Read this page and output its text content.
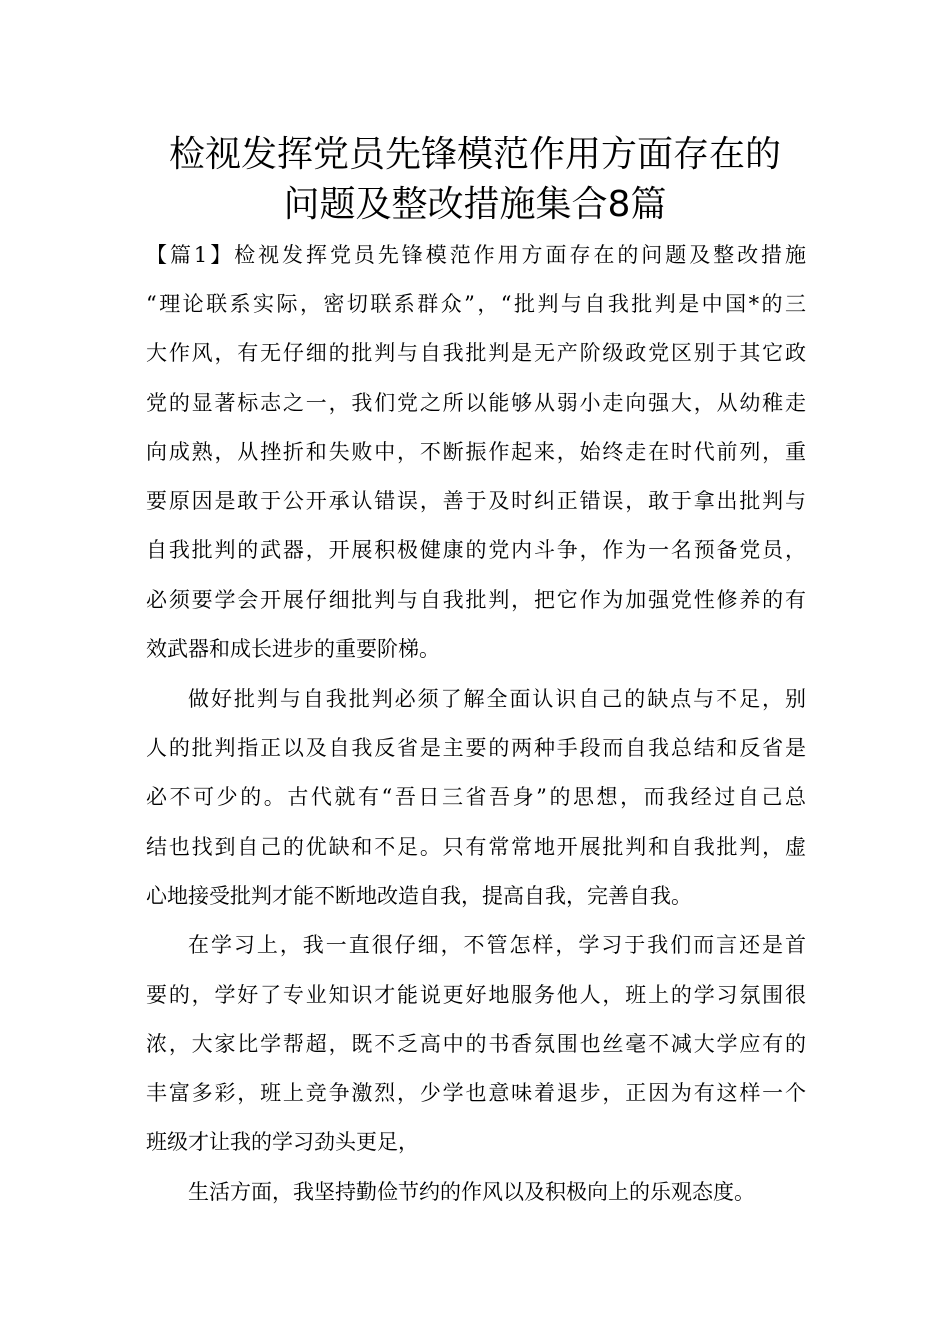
检视发挥党员先锋模范作用方面存在的
问题及整改措施集合8篇
【篇1】检视发挥党员先锋模范作用方面存在的问题及整改措施
“理论联系实际，密切联系群众”，“批判与自我批判是中国*的三
大作风，有无仔细的批判与自我批判是无产阶级政党区别于其它政
党的显著标志之一，我们党之所以能够从弱小走向强大，从幼稚走
向成熟，从挫折和失败中，不断振作起来，始终走在时代前列，重
要原因是敢于公开承认错误，善于及时纠正错误，敢于拿出批判与
自我批判的武器，开展积极健康的党内斗争，作为一名预备党员，
必须要学会开展仔细批判与自我批判，把它作为加强党性修养的有
效武器和成长进步的重要阶梯。
做好批判与自我批判必须了解全面认识自己的缺点与不足，别
人的批判指正以及自我反省是主要的两种手段而自我总结和反省是
必不可少的。古代就有“吾日三省吾身”的思想，而我经过自己总
结也找到自己的优缺和不足。只有常常地开展批判和自我批判，虚
心地接受批判才能不断地改造自我，提高自我，完善自我。
在学习上，我一直很仔细，不管怎样，学习于我们而言还是首
要的，学好了专业知识才能说更好地服务他人，班上的学习氛围很
浓，大家比学帮超，既不乏高中的书香氛围也丝毫不减大学应有的
丰富多彩，班上竞争激烈，少学也意味着退步，正因为有这样一个
班级才让我的学习劲头更足，
生活方面，我坚持勤俭节约的作风以及积极向上的乐观态度。
